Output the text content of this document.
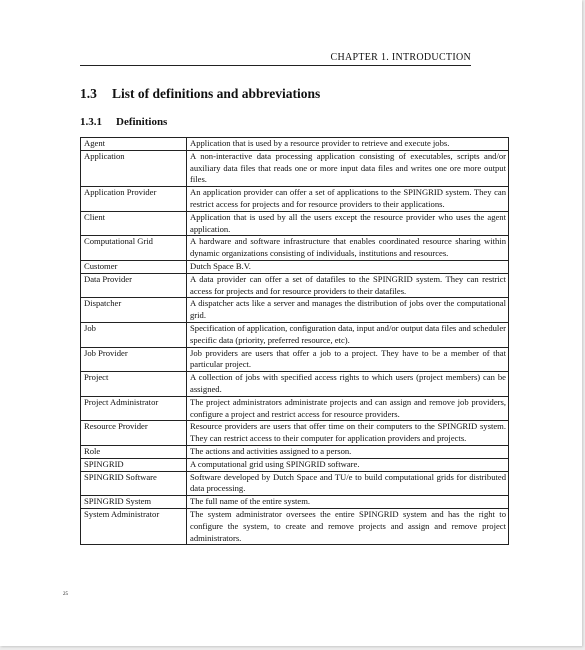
CHAPTER 1. INTRODUCTION
1.3 List of definitions and abbreviations
1.3.1 Definitions
Agent	Application that is used by a resource provider to retrieve and execute jobs.
Application	A non-interactive data processing application consisting of executables, scripts and/or auxiliary data files that reads one or more input data files and writes one ore more output files.
Application Provider	An application provider can offer a set of applications to the SPINGRID system. They can restrict access for projects and for resource providers to their applications.
Client	Application that is used by all the users except the resource provider who uses the agent application.
Computational Grid	A hardware and software infrastructure that enables coordinated resource sharing within dynamic organizations consisting of individuals, institutions and resources.
Customer	Dutch Space B.V.
Data Provider	A data provider can offer a set of datafiles to the SPINGRID system. They can restrict access for projects and for resource providers to their datafiles.
Dispatcher	A dispatcher acts like a server and manages the distribution of jobs over the computational grid.
Job	Specification of application, configuration data, input and/or output data files and scheduler specific data (priority, preferred resource, etc).
Job Provider	Job providers are users that offer a job to a project. They have to be a member of that particular project.
Project	A collection of jobs with specified access rights to which users (project members) can be assigned.
Project Administrator	The project administrators administrate projects and can assign and remove job providers, configure a project and restrict access for resource providers.
Resource Provider	Resource providers are users that offer time on their computers to the SPINGRID system. They can restrict access to their computer for application providers and projects.
Role	The actions and activities assigned to a person.
SPINGRID	A computational grid using SPINGRID software.
SPINGRID Software	Software developed by Dutch Space and TU/e to build computational grids for distributed data processing.
SPINGRID System	The full name of the entire system.
System Administrator	The system administrator oversees the entire SPINGRID system and has the right to configure the system, to create and remove projects and assign and remove project administrators.
25
